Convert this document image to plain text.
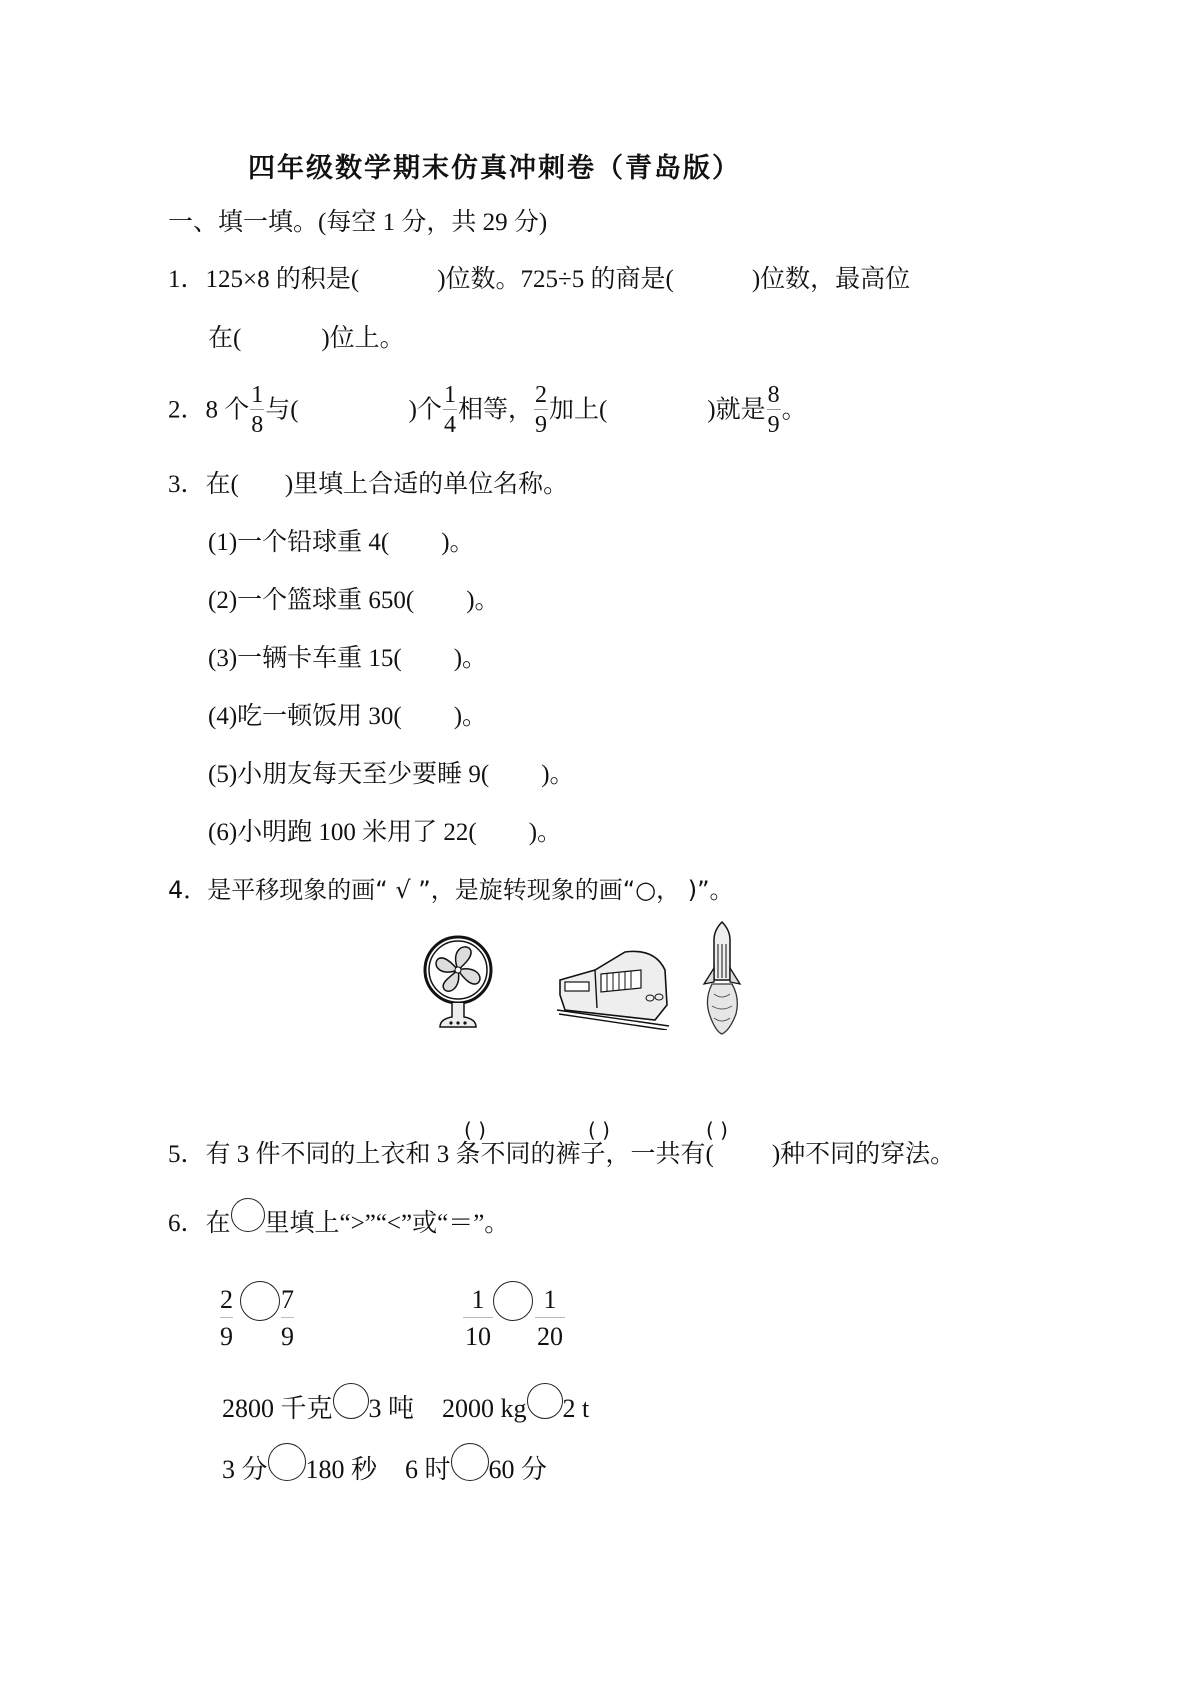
四年级数学期末仿真冲刺卷（青岛版）
一、填一填。(每空 1 分，共 29 分)
1．125×8 的积是(	)位数。725÷5 的商是(	)位数，最高位
在(	)位上。
2．8 个 $\frac{1}{8}$ 与(	)个 $\frac{1}{4}$ 相等， $\frac{2}{9}$ 加上(	)就是 $\frac{8}{9}$ 。
3．在( )里填上合适的单位名称。
(1)一个铅球重 4( )。
(2)一个篮球重 650( )。
(3)一辆卡车重 15( )。
(4)吃一顿饭用 30( )。
(5)小朋友每天至少要睡 9( )。
(6)小明跑 100 米用了 22( )。
4．是平移现象的画“ √ ”，是旋转现象的画“○， )”。
( )	( )	( )
5．有 3 件不同的上衣和 3 条不同的裤子，一共有( )种不同的穿法。
6．在 里填上“>”“<”或“＝”。
$\frac{2}{9} \frac{7}{9}$	$\frac{1}{10} \frac{1}{20}$
2800 千克 3 吨 2000 kg 2 t
3 分 180 秒 6 时 60 分
